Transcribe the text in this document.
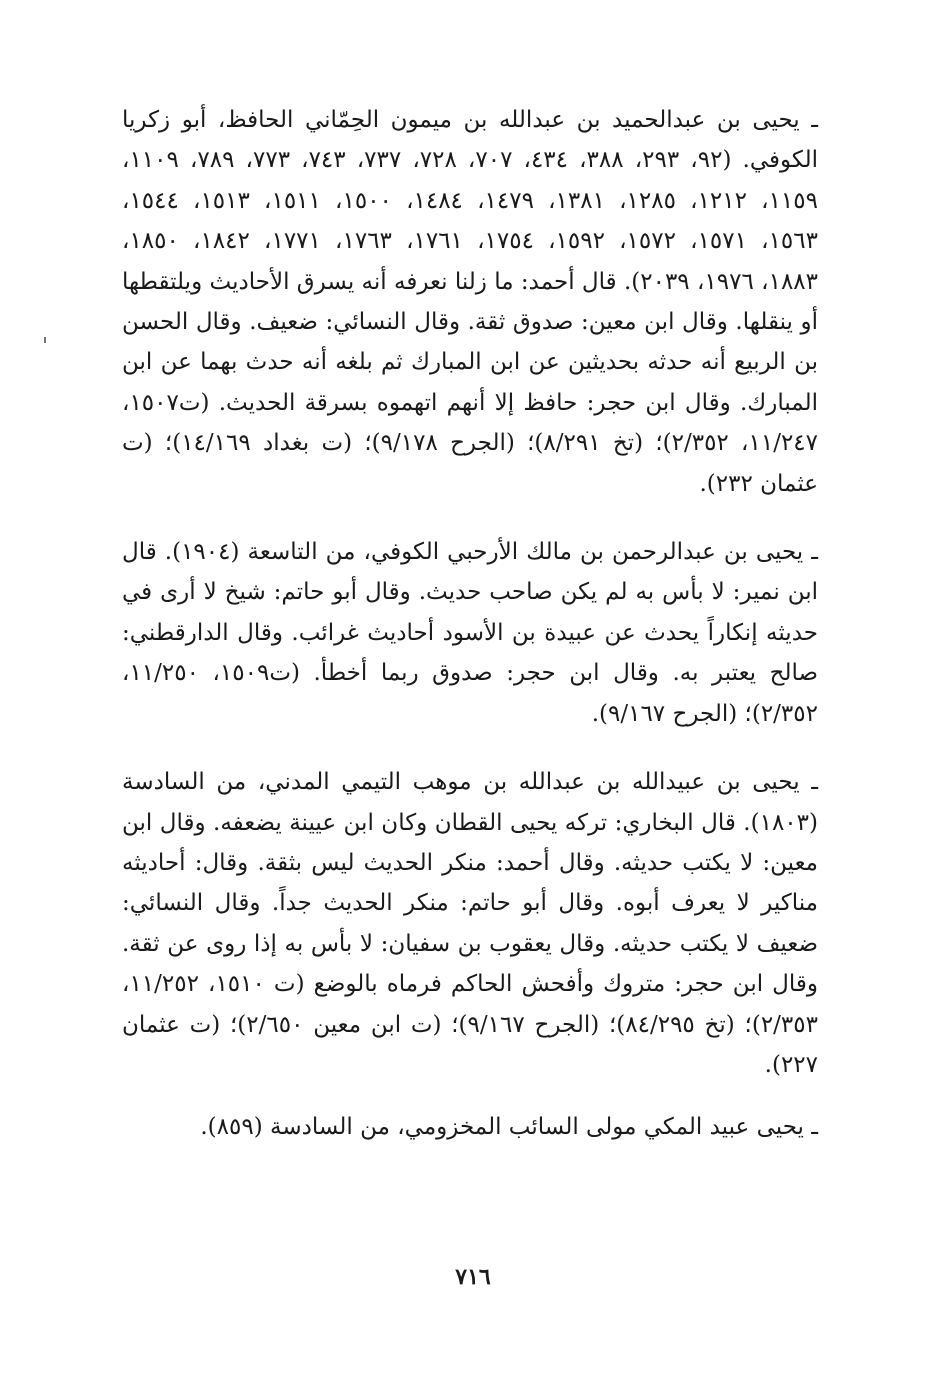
ـ يحيى بن عبدالحميد بن عبدالله بن ميمون الحِمّاني الحافظ، أبو زكريا الكوفي. (٩٢، ٢٩٣، ٣٨٨، ٤٣٤، ٧٠٧، ٧٢٨، ٧٣٧، ٧٤٣، ٧٧٣، ٧٨٩، ١١٠٩، ١١٥٩، ١٢١٢، ١٢٨٥، ١٣٨١، ١٤٧٩، ١٤٨٤، ١٥٠٠، ١٥١١، ١٥١٣، ١٥٤٤، ١٥٦٣، ١٥٧١، ١٥٧٢، ١٥٩٢، ١٧٥٤، ١٧٦١، ١٧٦٣، ١٧٧١، ١٨٤٢، ١٨٥٠، ١٨٨٣، ١٩٧٦، ٢٠٣٩). قال أحمد: ما زلنا نعرفه أنه يسرق الأحاديث ويلتقطها أو ينقلها. وقال ابن معين: صدوق ثقة. وقال النسائي: ضعيف. وقال الحسن بن الربيع أنه حدثه بحديثين عن ابن المبارك ثم بلغه أنه حدث بهما عن ابن المبارك. وقال ابن حجر: حافظ إلا أنهم اتهموه بسرقة الحديث. (ت١٥٠٧، ١١/٢٤٧، ٢/٣٥٢)؛ (تخ ٨/٢٩١)؛ (الجرح ٩/١٧٨)؛ (ت بغداد ١٤/١٦٩)؛ (ت عثمان ٢٣٢).

ـ يحيى بن عبدالرحمن بن مالك الأرحبي الكوفي، من التاسعة (١٩٠٤). قال ابن نمير: لا بأس به لم يكن صاحب حديث. وقال أبو حاتم: شيخ لا أرى في حديثه إنكاراً يحدث عن عبيدة بن الأسود أحاديث غرائب. وقال الدارقطني: صالح يعتبر به. وقال ابن حجر: صدوق ربما أخطأ. (ت١٥٠٩، ١١/٢٥٠، ٢/٣٥٢)؛ (الجرح ٩/١٦٧).

ـ يحيى بن عبيدالله بن عبدالله بن موهب التيمي المدني، من السادسة (١٨٠٣). قال البخاري: تركه يحيى القطان وكان ابن عيينة يضعفه. وقال ابن معين: لا يكتب حديثه. وقال أحمد: منكر الحديث ليس بثقة. وقال: أحاديثه مناكير لا يعرف أبوه. وقال أبو حاتم: منكر الحديث جداً. وقال النسائي: ضعيف لا يكتب حديثه. وقال يعقوب بن سفيان: لا بأس به إذا روى عن ثقة. وقال ابن حجر: متروك وأفحش الحاكم فرماه بالوضع (ت ١٥١٠، ١١/٢٥٢، ٢/٣٥٣)؛ (تخ ٨٤/٢٩٥)؛ (الجرح ٩/١٦٧)؛ (ت ابن معين ٢/٦٥٠)؛ (ت عثمان ٢٢٧).

ـ يحيى عبيد المكي مولى السائب المخزومي، من السادسة (٨٥٩).

٧١٦
